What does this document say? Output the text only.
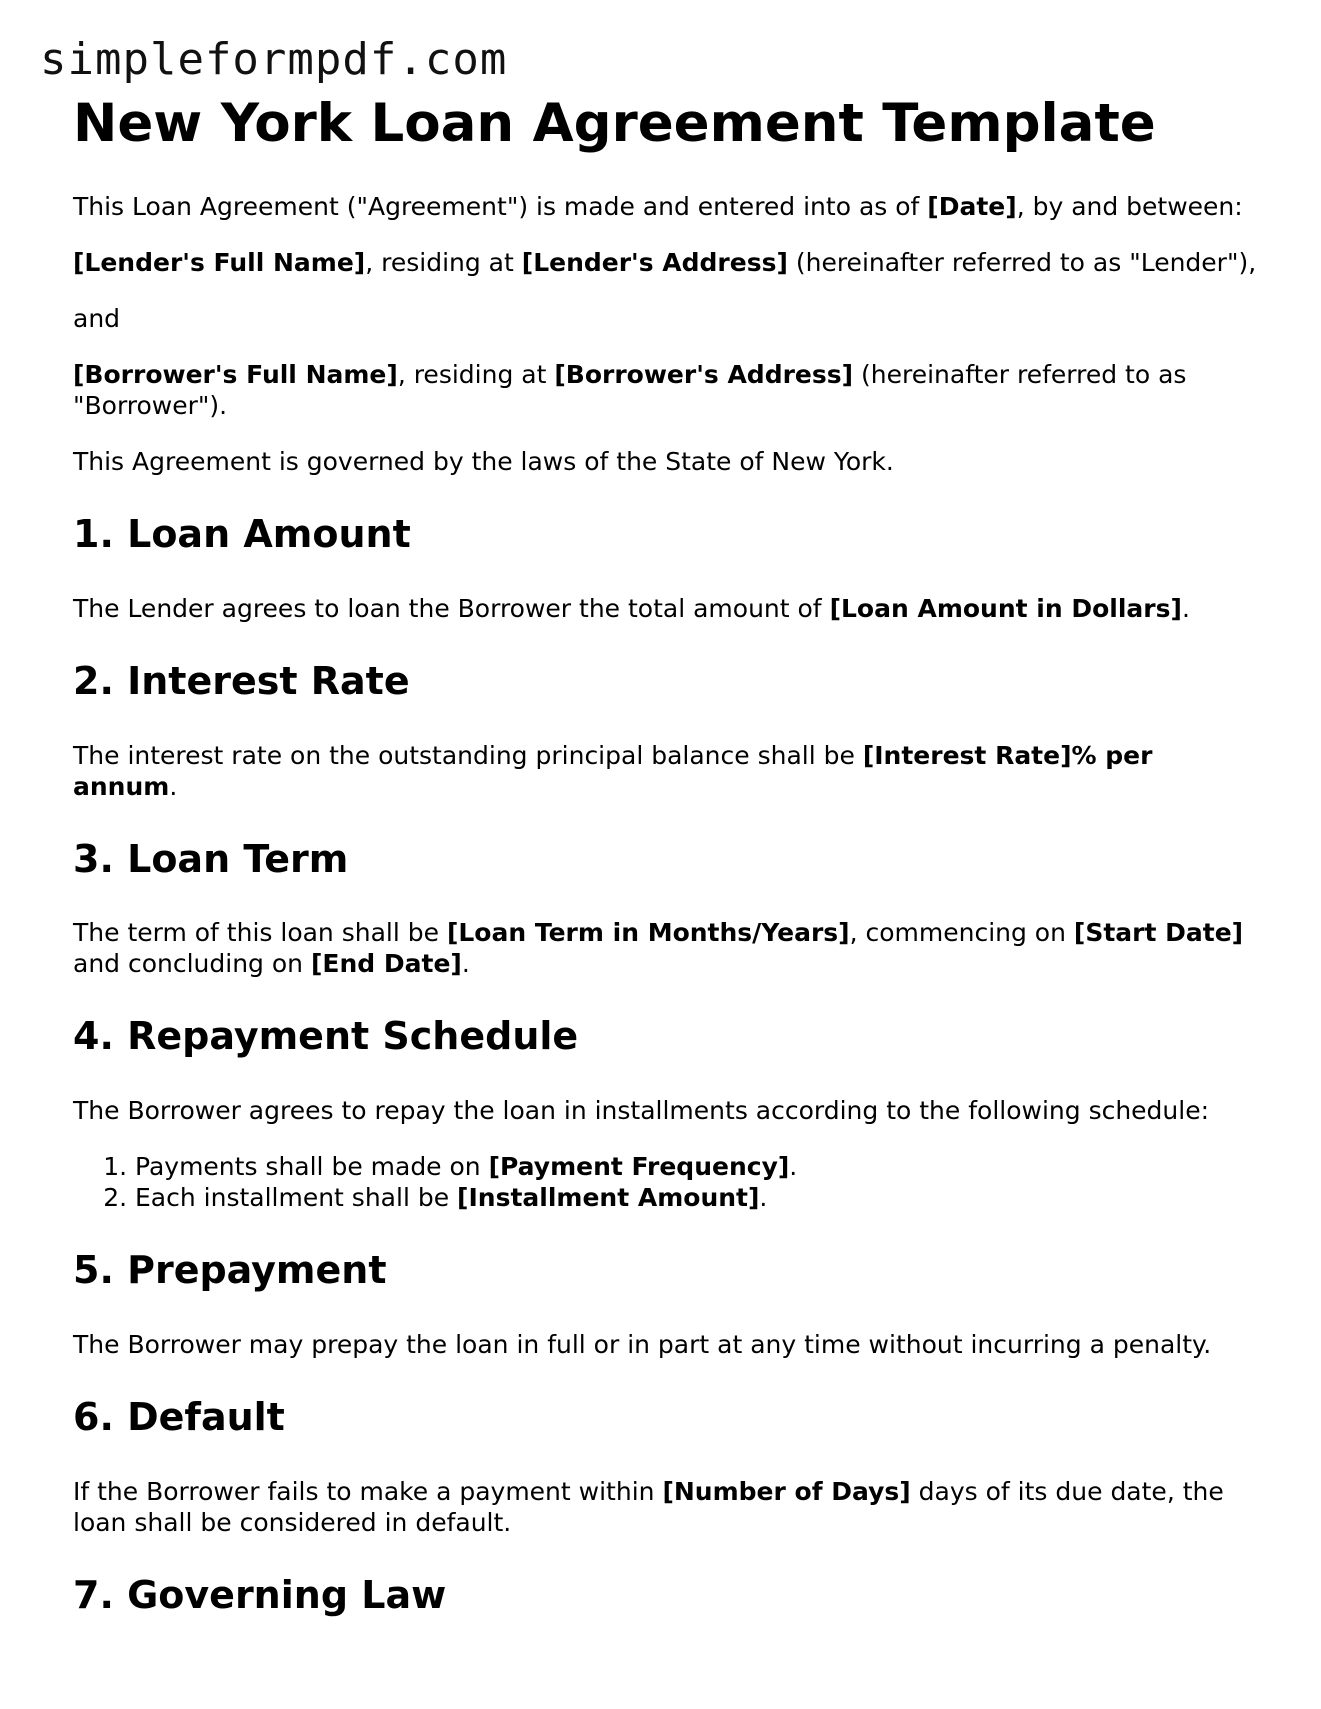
simpleformpdf.com
New York Loan Agreement Template

This Loan Agreement ("Agreement") is made and entered into as of [Date], by and between:

[Lender's Full Name], residing at [Lender's Address] (hereinafter referred to as "Lender"),

and

[Borrower's Full Name], residing at [Borrower's Address] (hereinafter referred to as "Borrower").

This Agreement is governed by the laws of the State of New York.

1. Loan Amount

The Lender agrees to loan the Borrower the total amount of [Loan Amount in Dollars].

2. Interest Rate

The interest rate on the outstanding principal balance shall be [Interest Rate]% per annum.

3. Loan Term

The term of this loan shall be [Loan Term in Months/Years], commencing on [Start Date] and concluding on [End Date].

4. Repayment Schedule

The Borrower agrees to repay the loan in installments according to the following schedule:

1. Payments shall be made on [Payment Frequency].
2. Each installment shall be [Installment Amount].
5. Prepayment

The Borrower may prepay the loan in full or in part at any time without incurring a penalty.

6. Default

If the Borrower fails to make a payment within [Number of Days] days of its due date, the loan shall be considered in default.

7. Governing Law
